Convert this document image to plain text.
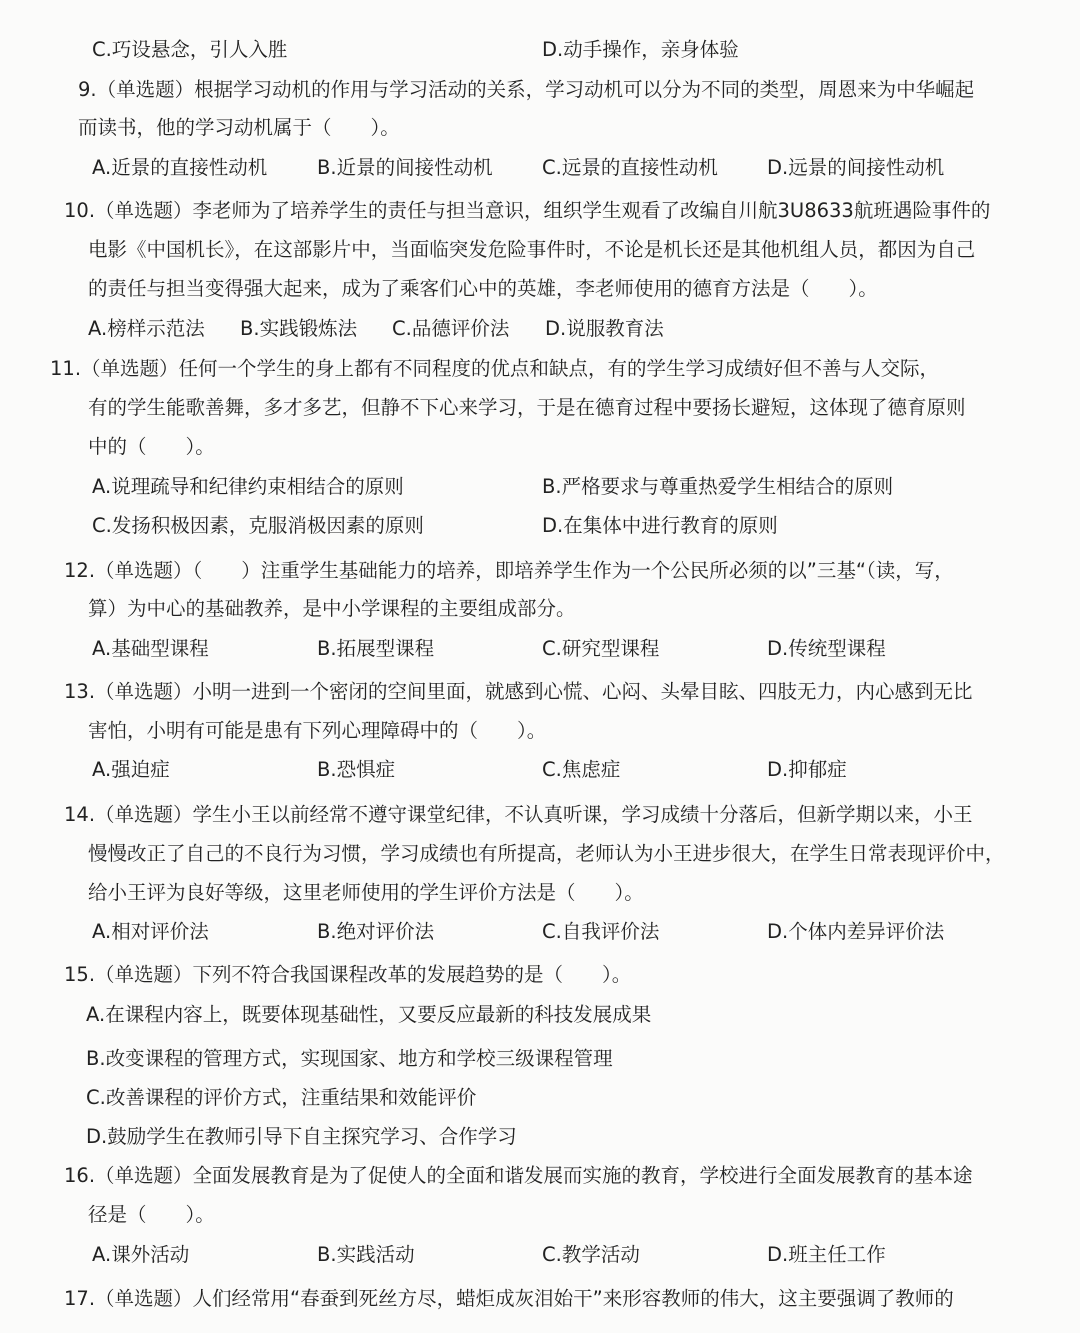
C.巧设悬念，引人入胜	D.动手操作，亲身体验
9.（单选题）根据学习动机的作用与学习活动的关系，学习动机可以分为不同的类型，周恩来为中华崛起
而读书，他的学习动机属于（　　）。
A.近景的直接性动机	B.近景的间接性动机	C.远景的直接性动机	D.远景的间接性动机
10.（单选题）李老师为了培养学生的责任与担当意识，组织学生观看了改编自川航3U8633航班遇险事件的
电影《中国机长》，在这部影片中，当面临突发危险事件时，不论是机长还是其他机组人员，都因为自己
的责任与担当变得强大起来，成为了乘客们心中的英雄，李老师使用的德育方法是（　　）。
A.榜样示范法 B.实践锻炼法 C.品德评价法 D.说服教育法
11.（单选题）任何一个学生的身上都有不同程度的优点和缺点，有的学生学习成绩好但不善与人交际，
有的学生能歌善舞，多才多艺，但静不下心来学习，于是在德育过程中要扬长避短，这体现了德育原则
中的（　　）。
A.说理疏导和纪律约束相结合的原则	B.严格要求与尊重热爱学生相结合的原则
C.发扬积极因素，克服消极因素的原则	D.在集体中进行教育的原则
12.（单选题）（　　）注重学生基础能力的培养，即培养学生作为一个公民所必须的以”三基“（读，写，
算）为中心的基础教养，是中小学课程的主要组成部分。
A.基础型课程	B.拓展型课程	C.研究型课程	D.传统型课程
13.（单选题）小明一进到一个密闭的空间里面，就感到心慌、心闷、头晕目眩、四肢无力，内心感到无比
害怕，小明有可能是患有下列心理障碍中的（　　）。
A.强迫症	B.恐惧症	C.焦虑症	D.抑郁症
14.（单选题）学生小王以前经常不遵守课堂纪律，不认真听课，学习成绩十分落后，但新学期以来，小王
慢慢改正了自己的不良行为习惯，学习成绩也有所提高，老师认为小王进步很大，在学生日常表现评价中，
给小王评为良好等级，这里老师使用的学生评价方法是（　　）。
A.相对评价法	B.绝对评价法	C.自我评价法	D.个体内差异评价法
15.（单选题）下列不符合我国课程改革的发展趋势的是（　　）。
A.在课程内容上，既要体现基础性，又要反应最新的科技发展成果
B.改变课程的管理方式，实现国家、地方和学校三级课程管理
C.改善课程的评价方式，注重结果和效能评价
D.鼓励学生在教师引导下自主探究学习、合作学习
16.（单选题）全面发展教育是为了促使人的全面和谐发展而实施的教育，学校进行全面发展教育的基本途
径是（　　）。
A.课外活动	B.实践活动	C.教学活动	D.班主任工作
17.（单选题）人们经常用“春蚕到死丝方尽，蜡炬成灰泪始干”来形容教师的伟大，这主要强调了教师的
